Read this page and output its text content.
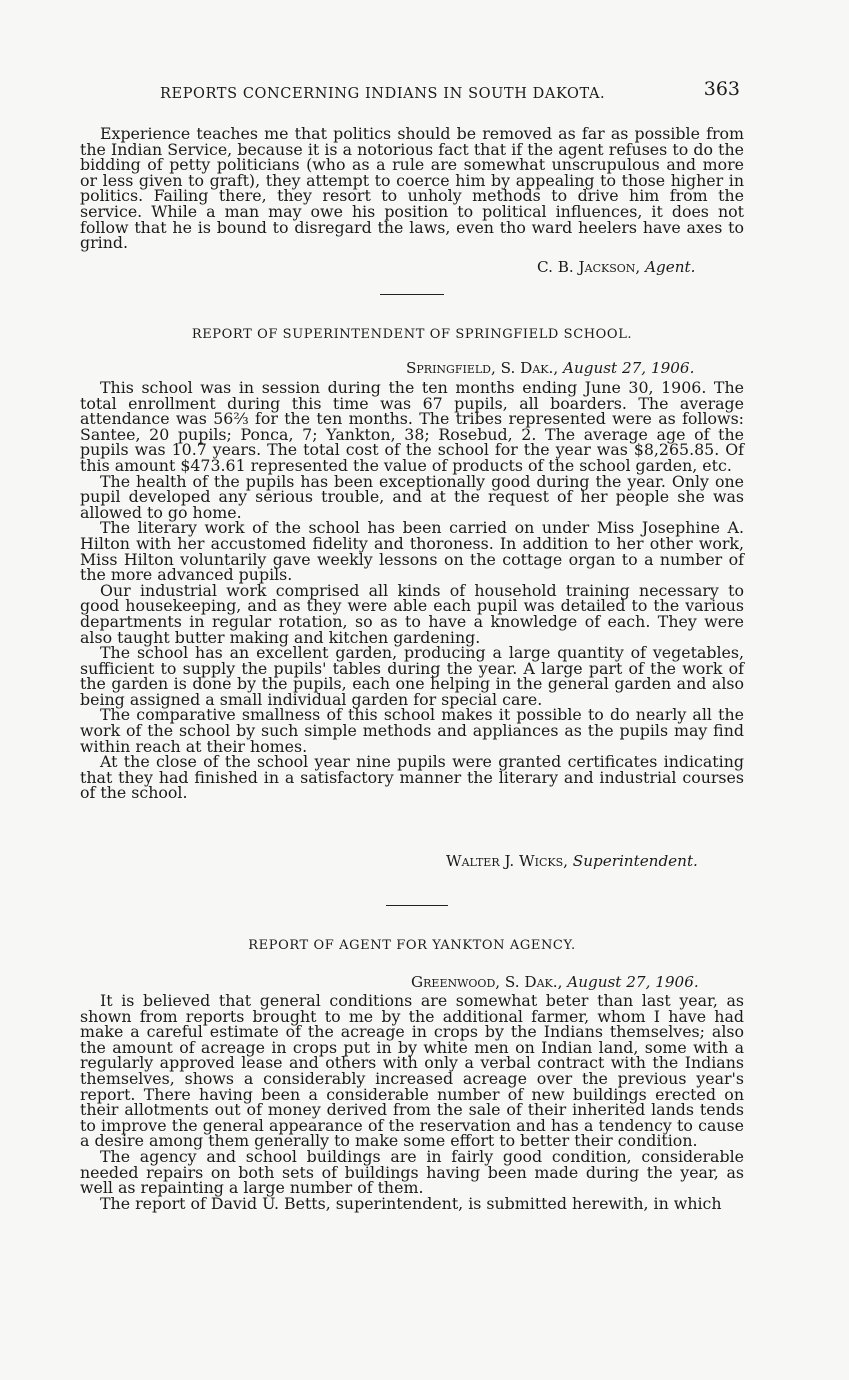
REPORTS CONCERNING INDIANS IN SOUTH DAKOTA.	363

Experience teaches me that politics should be removed as far as possible from the Indian Service, because it is a notorious fact that if the agent refuses to do the bidding of petty politicians (who as a rule are somewhat unscrupulous and more or less given to graft), they attempt to coerce him by appealing to those higher in politics. Failing there, they resort to unholy methods to drive him from the service. While a man may owe his position to political influences, it does not follow that he is bound to disregard the laws, even tho ward heelers have axes to grind.

C. B. Jackson, Agent.
REPORT OF SUPERINTENDENT OF SPRINGFIELD SCHOOL.
Springfield, S. Dak., August 27, 1906.

This school was in session during the ten months ending June 30, 1906. The total enrollment during this time was 67 pupils, all boarders. The average attendance was 56⅔ for the ten months. The tribes represented were as follows: Santee, 20 pupils; Ponca, 7; Yankton, 38; Rosebud, 2. The average age of the pupils was 10.7 years. The total cost of the school for the year was $8,265.85. Of this amount $473.61 represented the value of products of the school garden, etc.

The health of the pupils has been exceptionally good during the year. Only one pupil developed any serious trouble, and at the request of her people she was allowed to go home.

The literary work of the school has been carried on under Miss Josephine A. Hilton with her accustomed fidelity and thoroness. In addition to her other work, Miss Hilton voluntarily gave weekly lessons on the cottage organ to a number of the more advanced pupils.

Our industrial work comprised all kinds of household training necessary to good housekeeping, and as they were able each pupil was detailed to the various departments in regular rotation, so as to have a knowledge of each. They were also taught butter making and kitchen gardening.

The school has an excellent garden, producing a large quantity of vegetables, sufficient to supply the pupils' tables during the year. A large part of the work of the garden is done by the pupils, each one helping in the general garden and also being assigned a small individual garden for special care.

The comparative smallness of this school makes it possible to do nearly all the work of the school by such simple methods and appliances as the pupils may find within reach at their homes.

At the close of the school year nine pupils were granted certificates indicating that they had finished in a satisfactory manner the literary and industrial courses of the school.

Walter J. Wicks, Superintendent.
REPORT OF AGENT FOR YANKTON AGENCY.
Greenwood, S. Dak., August 27, 1906.

It is believed that general conditions are somewhat beter than last year, as shown from reports brought to me by the additional farmer, whom I have had make a careful estimate of the acreage in crops by the Indians themselves; also the amount of acreage in crops put in by white men on Indian land, some with a regularly approved lease and others with only a verbal contract with the Indians themselves, shows a considerably increased acreage over the previous year's report. There having been a considerable number of new buildings erected on their allotments out of money derived from the sale of their inherited lands tends to improve the general appearance of the reservation and has a tendency to cause a desire among them generally to make some effort to better their condition.

The agency and school buildings are in fairly good condition, considerable needed repairs on both sets of buildings having been made during the year, as well as repainting a large number of them.

The report of David U. Betts, superintendent, is submitted herewith, in which
